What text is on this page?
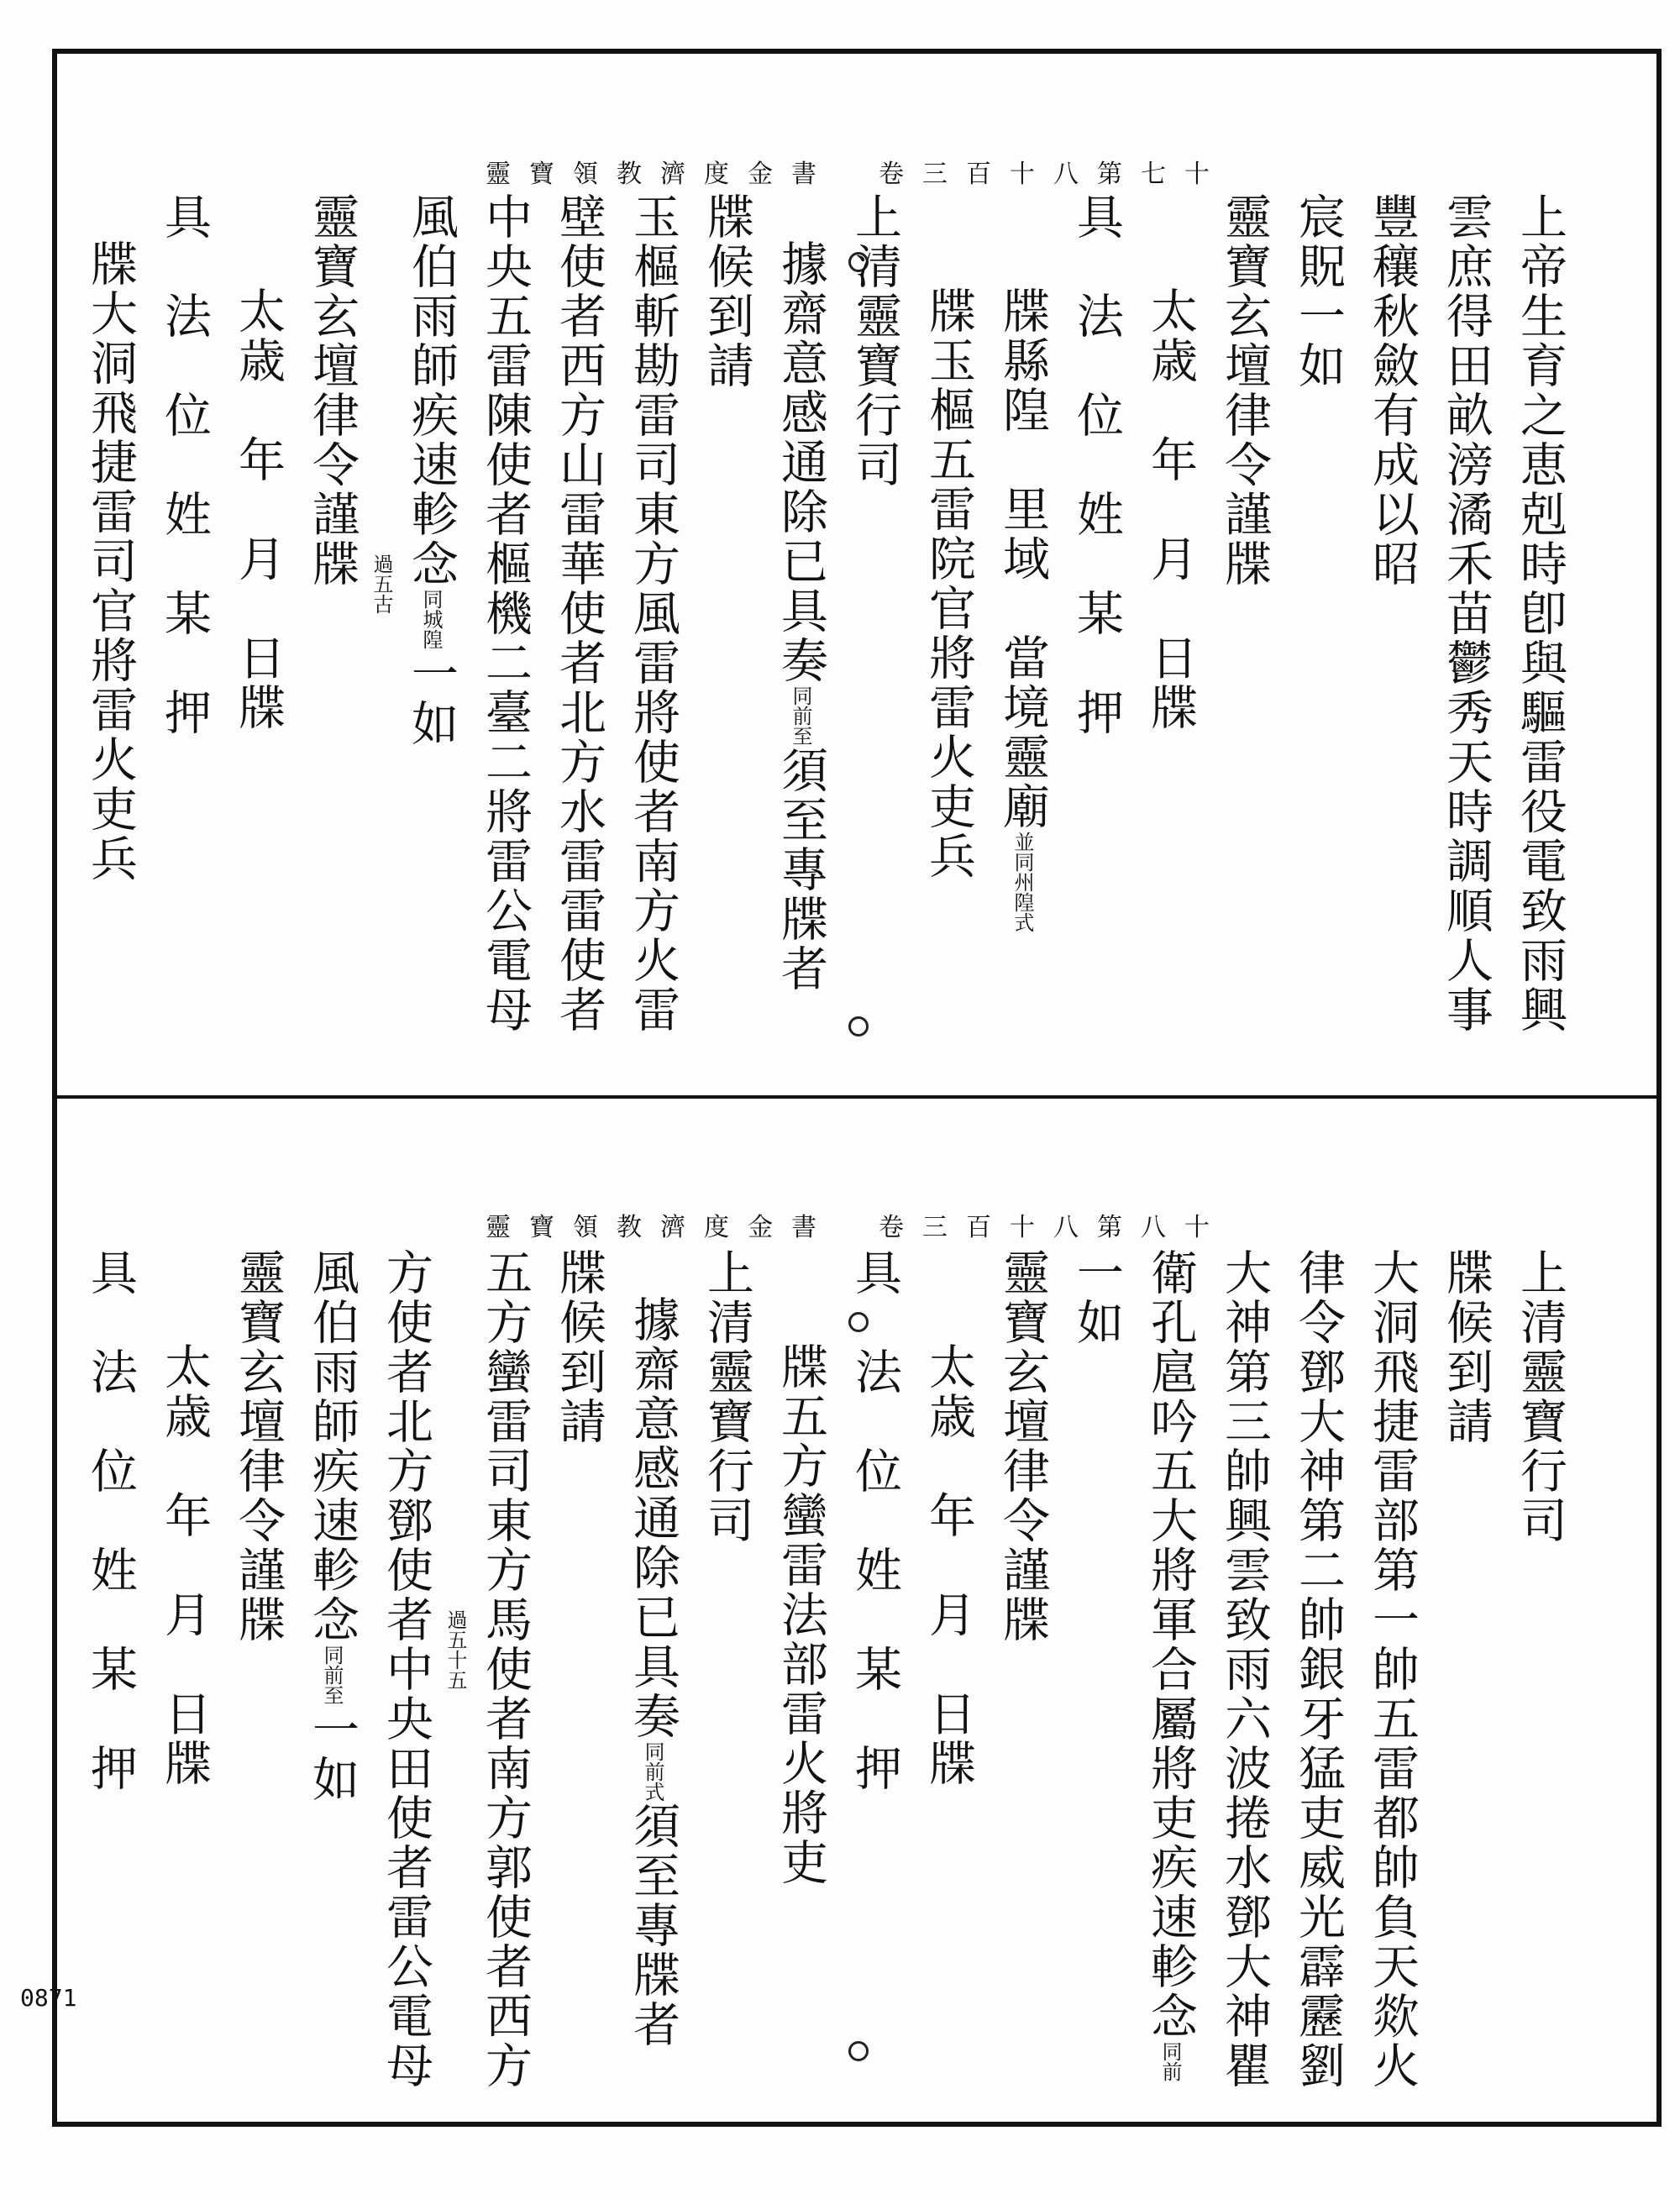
靈寶領教濟度金書 卷三百十八第七十
上帝生育之恵剋時卽與驅雷役電致雨興
雲庶得田畝滂潏禾苗鬱秀天時調順人事
豐穰秋斂有成以昭
宸貺一如
靈寶玄壇律令謹牒
太歳　年　月　日牒
具　法　位　姓　某　押
牒縣隍　里域　當境靈廟並同州隍式
牒玉樞五雷院官將雷火吏兵
上清靈寶行司
據齋意感通除已具奏同前至須至專牒者
牒候到請
玉樞斬勘雷司東方風雷將使者南方火雷
壁使者西方山雷華使者北方水雷雷使者
中央五雷陳使者樞機二臺二將雷公電母
風伯雨師疾速軫念同城隍一如
過五古
靈寶玄壇律令謹牒
太歳　年　月　日牒
具　法　位　姓　某　押
牒大洞飛捷雷司官將雷火吏兵
靈寶領教濟度金書 卷三百十八第八十
上清靈寶行司
牒候到請
大洞飛捷雷部第一帥五雷都帥負天欻火
律令鄧大神第二帥銀牙猛吏威光霹靂劉
大神第三帥興雲致雨六波捲水鄧大神瞿
衛孔扈吟五大將軍合屬將吏疾速軫念同前
一如
靈寶玄壇律令謹牒
太歳　年　月　日牒
具　法　位　姓　某　押
牒五方蠻雷法部雷火將吏
上清靈寶行司
據齋意感通除已具奏同前式須至專牒者
牒候到請
五方蠻雷司東方馬使者南方郭使者西方
過五十五
方使者北方鄧使者中央田使者雷公電母
風伯雨師疾速軫念同前至一如
靈寶玄壇律令謹牒
太歳　年　月　日牒
具　法　位　姓　某　押
0871
